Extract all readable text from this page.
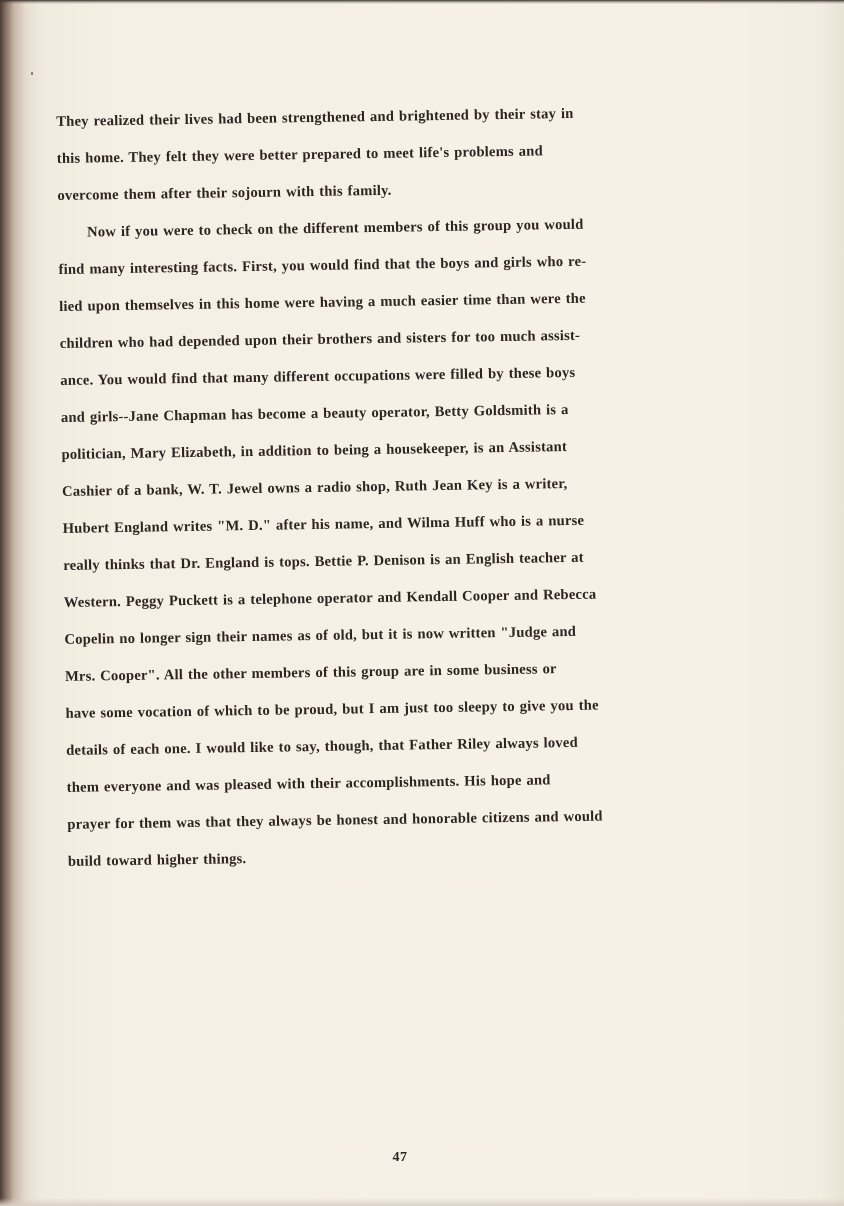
They realized their lives had been strengthened and brightened by their stay in
this home. They felt they were better prepared to meet life's problems and
overcome them after their sojourn with this family.
Now if you were to check on the different members of this group you would
find many interesting facts. First, you would find that the boys and girls who re-
lied upon themselves in this home were having a much easier time than were the
children who had depended upon their brothers and sisters for too much assist-
ance. You would find that many different occupations were filled by these boys
and girls--Jane Chapman has become a beauty operator, Betty Goldsmith is a
politician, Mary Elizabeth, in addition to being a housekeeper, is an Assistant
Cashier of a bank, W. T. Jewel owns a radio shop, Ruth Jean Key is a writer,
Hubert England writes "M. D." after his name, and Wilma Huff who is a nurse
really thinks that Dr. England is tops. Bettie P. Denison is an English teacher at
Western. Peggy Puckett is a telephone operator and Kendall Cooper and Rebecca
Copelin no longer sign their names as of old, but it is now written "Judge and
Mrs. Cooper". All the other members of this group are in some business or
have some vocation of which to be proud, but I am just too sleepy to give you the
details of each one. I would like to say, though, that Father Riley always loved
them everyone and was pleased with their accomplishments. His hope and
prayer for them was that they always be honest and honorable citizens and would
build toward higher things.
47
